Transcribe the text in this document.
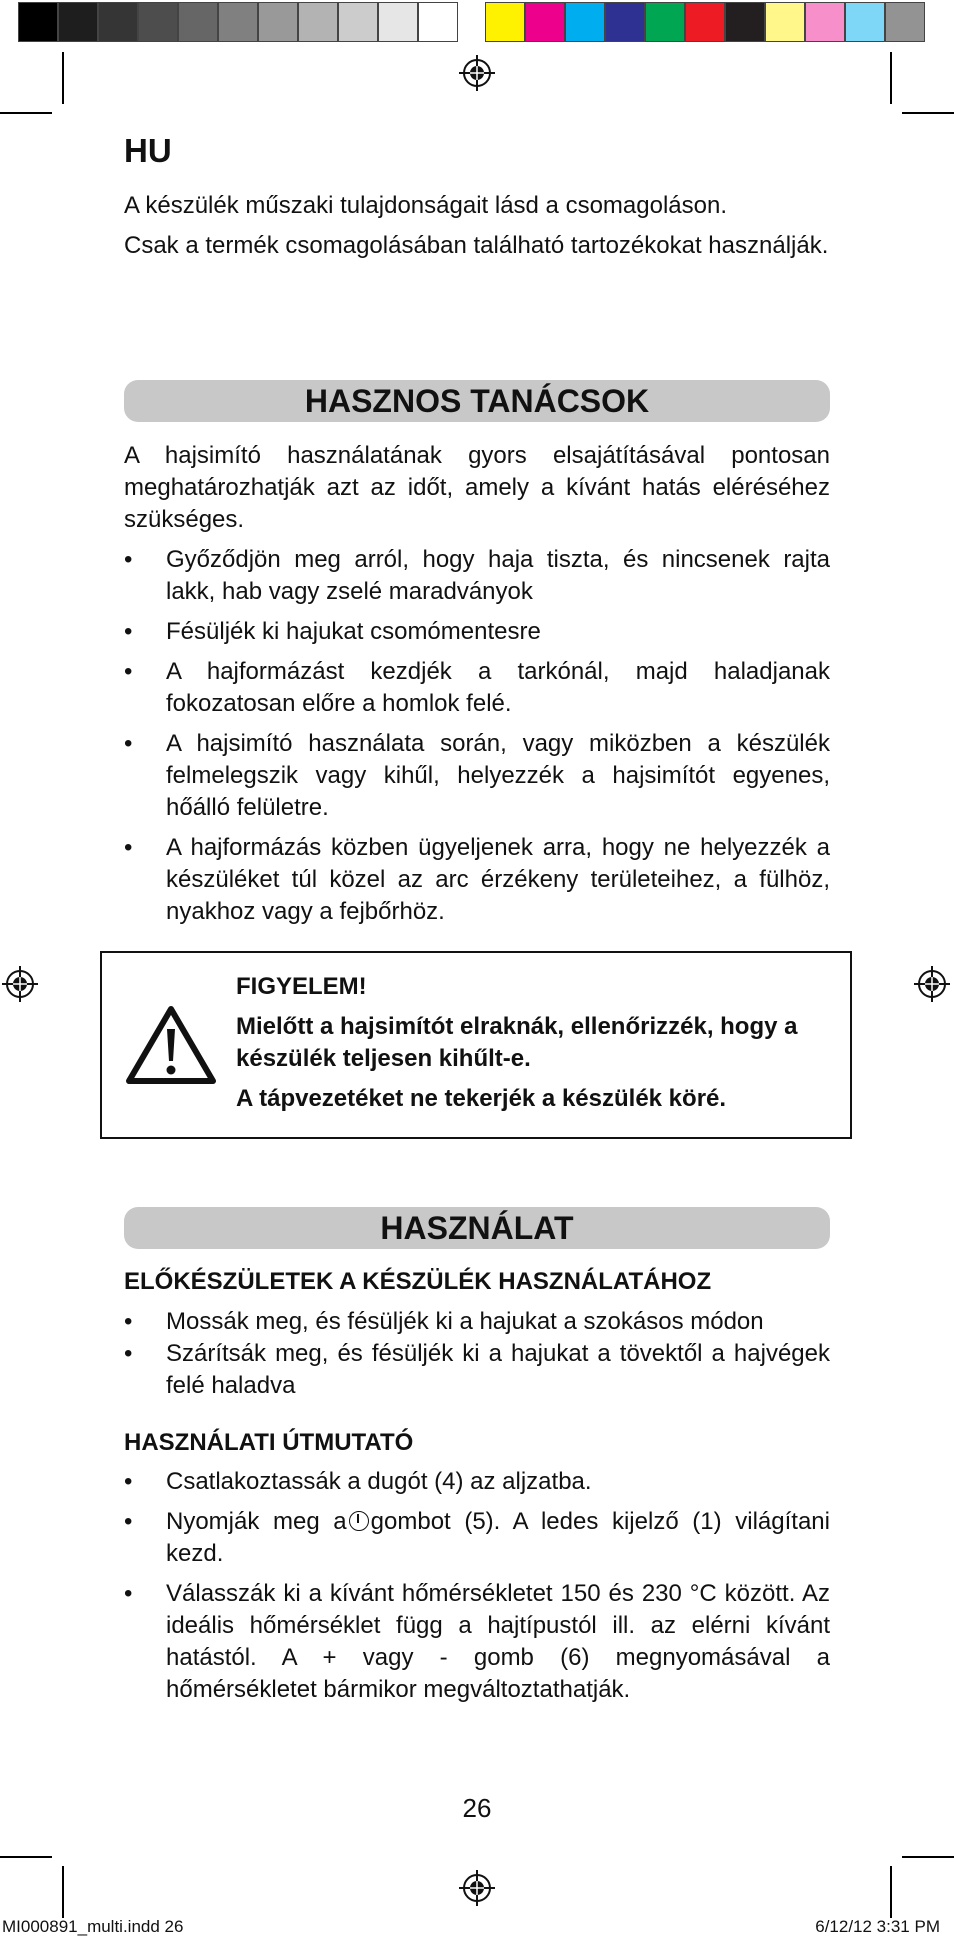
HU

A készülék műszaki tulajdonságait lásd a csomagoláson.

Csak a termék csomagolásában található tartozékokat használják.

HASZNOS TANÁCSOK

A hajsimító használatának gyors elsajátításával pontosan meghatározhatják azt az időt, amely a kívánt hatás eléréséhez szükséges.

• Győződjön meg arról, hogy haja tiszta, és nincsenek rajta lakk, hab vagy zselé maradványok
• Fésüljék ki hajukat csomómentesre
• A hajformázást kezdjék a tarkónál, majd haladjanak fokozatosan előre a homlok felé.
• A hajsimító használata során, vagy miközben a készülék felmelegszik vagy kihűl, helyezzék a hajsimítót egyenes, hőálló felületre.
• A hajformázás közben ügyeljenek arra, hogy ne helyezzék a készüléket túl közel az arc érzékeny területeihez, a fülhöz, nyakhoz vagy a fejbőrhöz.

FIGYELEM!

Mielőtt a hajsimítót elraknák, ellenőrizzék, hogy a készülék teljesen kihűlt-e.

A tápvezetéket ne tekerjék a készülék köré.

HASZNÁLAT
ELŐKÉSZÜLETEK A KÉSZÜLÉK HASZNÁLATÁHOZ
• Mossák meg, és fésüljék ki a hajukat a szokásos módon
• Szárítsák meg, és fésüljék ki a hajukat a tövektől a hajvégek felé haladva
HASZNÁLATI ÚTMUTATÓ
• Csatlakoztassák a dugót (4) az aljzatba.
• Nyomják meg a gombot (5). A ledes kijelző (1) világítani kezd.
• Válasszák ki a kívánt hőmérsékletet 150 és 230 °C között. Az ideális hőmérséklet függ a hajtípustól ill. az elérni kívánt hatástól. A + vagy - gomb (6) megnyomásával a hőmérsékletet bármikor megváltoztathatják.
26
MI000891_multi.indd 26	6/12/12 3:31 PM
